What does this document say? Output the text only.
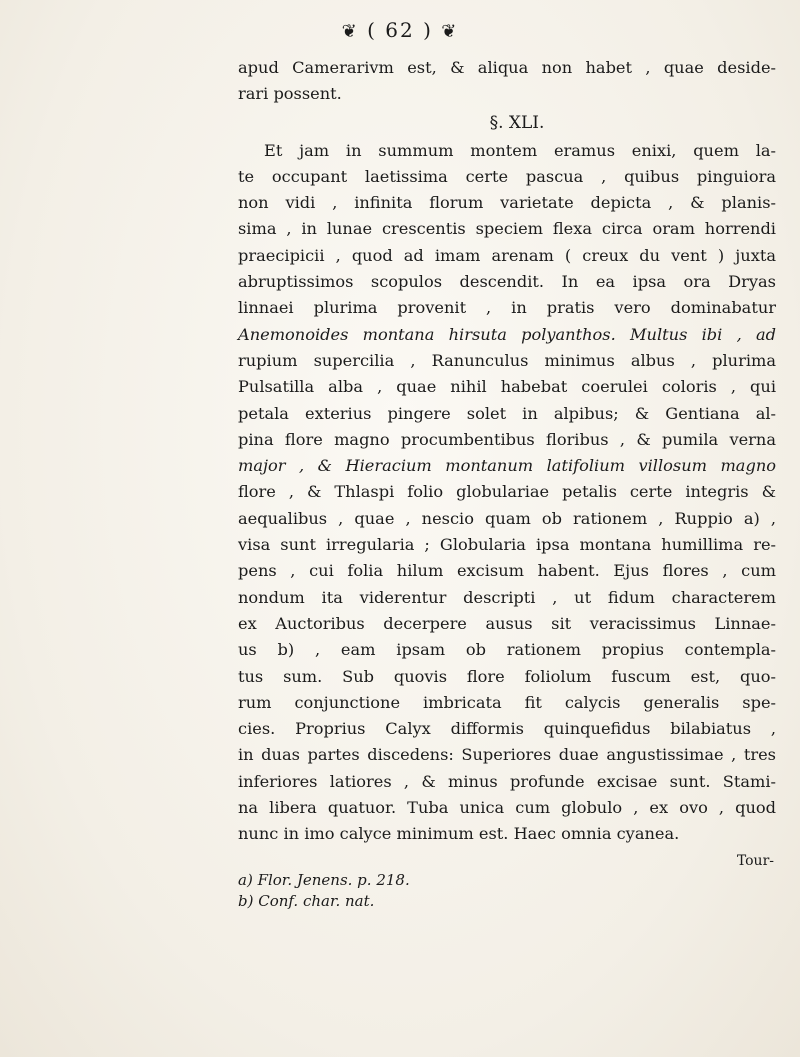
❦ ( 62 ) ❦
apud Camerarivm est, & aliqua non habet , quae deside-
rari possent.
§. XLI.
Et jam in summum montem eramus enixi, quem la-
te occupant laetissima certe pascua , quibus pinguiora
non vidi , infinita florum varietate depicta , & planis-
sima , in lunae crescentis speciem flexa circa oram horrendi
praecipicii , quod ad imam arenam ( creux du vent ) juxta
abruptissimos scopulos descendit. In ea ipsa ora Dryas
linnaei plurima provenit , in pratis vero dominabatur
Anemonoides montana hirsuta polyanthos. Multus ibi , ad
rupium supercilia , Ranunculus minimus albus , plurima
Pulsatilla alba , quae nihil habebat coerulei coloris , qui
petala exterius pingere solet in alpibus; & Gentiana al-
pina flore magno procumbentibus floribus , & pumila verna
major , & Hieracium montanum latifolium villosum magno
flore , & Thlaspi folio globulariae petalis certe integris &
aequalibus , quae , nescio quam ob rationem , Ruppio a) ,
visa sunt irregularia ; Globularia ipsa montana humillima re-
pens , cui folia hilum excisum habent. Ejus flores , cum
nondum ita viderentur descripti , ut fidum characterem
ex Auctoribus decerpere ausus sit veracissimus Linnae-
us b) , eam ipsam ob rationem propius contempla-
tus sum. Sub quovis flore foliolum fuscum est, quo-
rum conjunctione imbricata fit calycis generalis spe-
cies. Proprius Calyx difformis quinquefidus bilabiatus ,
in duas partes discedens: Superiores duae angustissimae , tres
inferiores latiores , & minus profunde excisae sunt. Stami-
na libera quatuor. Tuba unica cum globulo , ex ovo , quod
nunc in imo calyce minimum est. Haec omnia cyanea.
Tour-
a) Flor. Jenens. p. 218.
b) Conf. char. nat.
